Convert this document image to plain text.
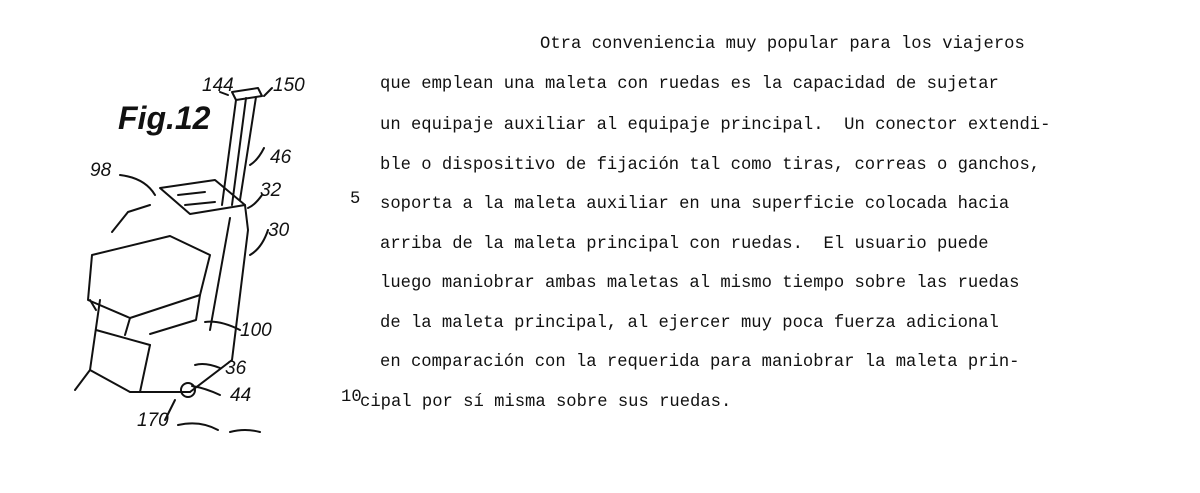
Fig.12
144 150
46
98
32
30
100
36
44
170
Otra conveniencia muy popular para los viajeros
que emplean una maleta con ruedas es la capacidad de sujetar
un equipaje auxiliar al equipaje principal.  Un conector extendi-
ble o dispositivo de fijación tal como tiras, correas o ganchos,
soporta a la maleta auxiliar en una superficie colocada hacia
arriba de la maleta principal con ruedas.  El usuario puede
luego maniobrar ambas maletas al mismo tiempo sobre las ruedas
de la maleta principal, al ejercer muy poca fuerza adicional
en comparación con la requerida para maniobrar la maleta prin-
cipal por sí misma sobre sus ruedas.
5
10
